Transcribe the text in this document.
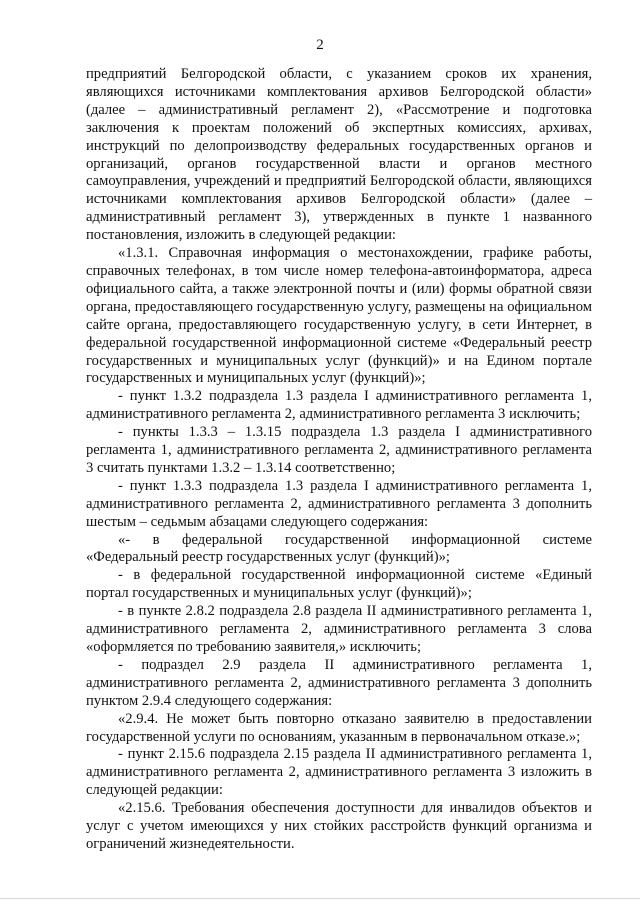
2

предприятий Белгородской области, с указанием сроков их хранения, являющихся источниками комплектования архивов Белгородской области» (далее – административный регламент 2), «Рассмотрение и подготовка заключения к проектам положений об экспертных комиссиях, архивах, инструкций по делопроизводству федеральных государственных органов и организаций, органов государственной власти и органов местного самоуправления, учреждений и предприятий Белгородской области, являющихся источниками комплектования архивов Белгородской области» (далее – административный регламент 3), утвержденных в пункте 1 названного постановления, изложить в следующей редакции:

«1.3.1. Справочная информация о местонахождении, графике работы, справочных телефонах, в том числе номер телефона-автоинформатора, адреса официального сайта, а также электронной почты и (или) формы обратной связи органа, предоставляющего государственную услугу, размещены на официальном сайте органа, предоставляющего государственную услугу, в сети Интернет, в федеральной государственной информационной системе «Федеральный реестр государственных и муниципальных услуг (функций)» и на Едином портале государственных и муниципальных услуг (функций)»;

- пункт 1.3.2 подраздела 1.3 раздела I административного регламента 1, административного регламента 2, административного регламента 3 исключить;

- пункты 1.3.3 – 1.3.15 подраздела 1.3 раздела I административного регламента 1, административного регламента 2, административного регламента 3 считать пунктами 1.3.2 – 1.3.14 соответственно;

- пункт 1.3.3 подраздела 1.3 раздела I административного регламента 1, административного регламента 2, административного регламента 3 дополнить шестым – седьмым абзацами следующего содержания:

«- в федеральной государственной информационной системе «Федеральный реестр государственных услуг (функций)»;

- в федеральной государственной информационной системе «Единый портал государственных и муниципальных услуг (функций)»;

- в пункте 2.8.2 подраздела 2.8 раздела II административного регламента 1, административного регламента 2, административного регламента 3 слова «оформляется по требованию заявителя,» исключить;

- подраздел 2.9 раздела II административного регламента 1, административного регламента 2, административного регламента 3 дополнить пунктом 2.9.4 следующего содержания:

«2.9.4. Не может быть повторно отказано заявителю в предоставлении государственной услуги по основаниям, указанным в первоначальном отказе.»;

- пункт 2.15.6 подраздела 2.15 раздела II административного регламента 1, административного регламента 2, административного регламента 3 изложить в следующей редакции:

«2.15.6. Требования обеспечения доступности для инвалидов объектов и услуг с учетом имеющихся у них стойких расстройств функций организма и ограничений жизнедеятельности.
